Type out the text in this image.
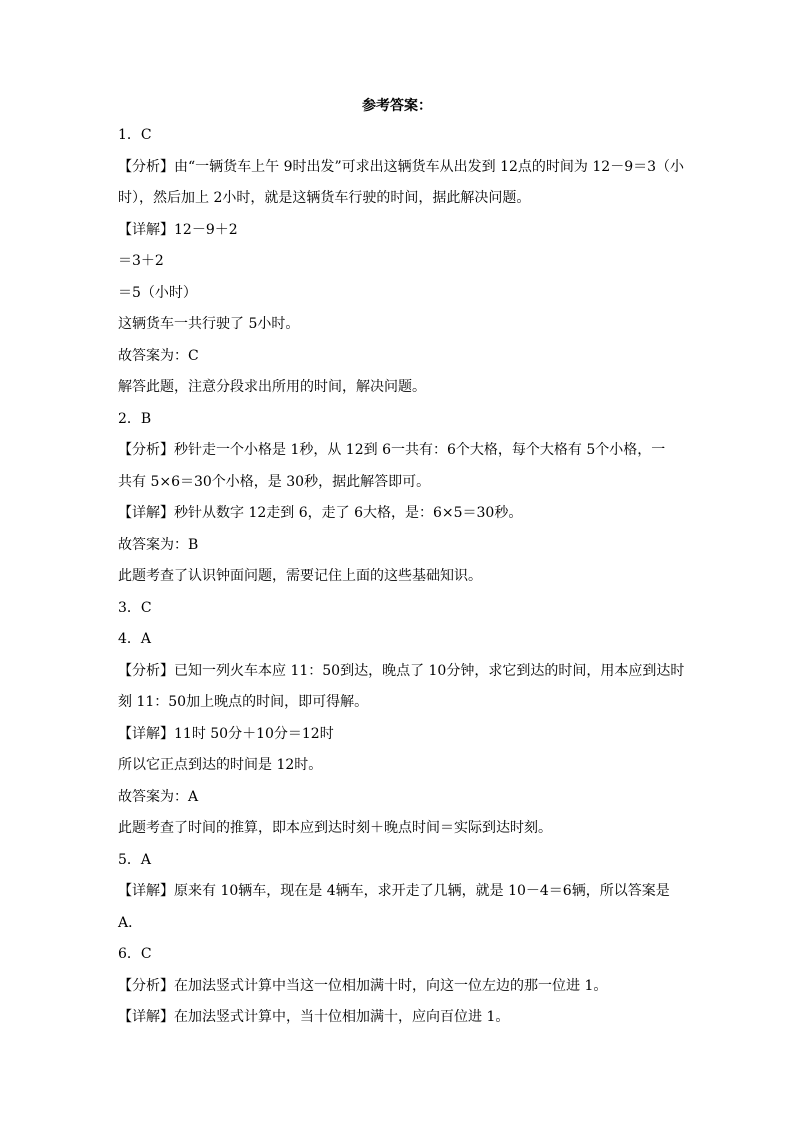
参考答案：
1．C
【分析】由“一辆货车上午 9时出发”可求出这辆货车从出发到 12点的时间为 12－9＝3（小
时），然后加上 2小时，就是这辆货车行驶的时间，据此解决问题。
【详解】12－9＋2
＝3＋2
＝5（小时）
这辆货车一共行驶了 5小时。
故答案为：C
解答此题，注意分段求出所用的时间，解决问题。
2．B
【分析】秒针走一个小格是 1秒，从 12到 6一共有：6个大格，每个大格有 5个小格，一
共有 5×6＝30个小格，是 30秒，据此解答即可。
【详解】秒针从数字 12走到 6，走了 6大格，是：6×5＝30秒。
故答案为：B
此题考查了认识钟面问题，需要记住上面的这些基础知识。
3．C
4．A
【分析】已知一列火车本应 11：50到达，晚点了 10分钟，求它到达的时间，用本应到达时
刻 11：50加上晚点的时间，即可得解。
【详解】11时 50分＋10分＝12时
所以它正点到达的时间是 12时。
故答案为：A
此题考查了时间的推算，即本应到达时刻＋晚点时间＝实际到达时刻。
5．A
【详解】原来有 10辆车，现在是 4辆车，求开走了几辆，就是 10－4＝6辆，所以答案是
A．
6．C
【分析】在加法竖式计算中当这一位相加满十时，向这一位左边的那一位进 1。
【详解】在加法竖式计算中，当十位相加满十，应向百位进 1。
